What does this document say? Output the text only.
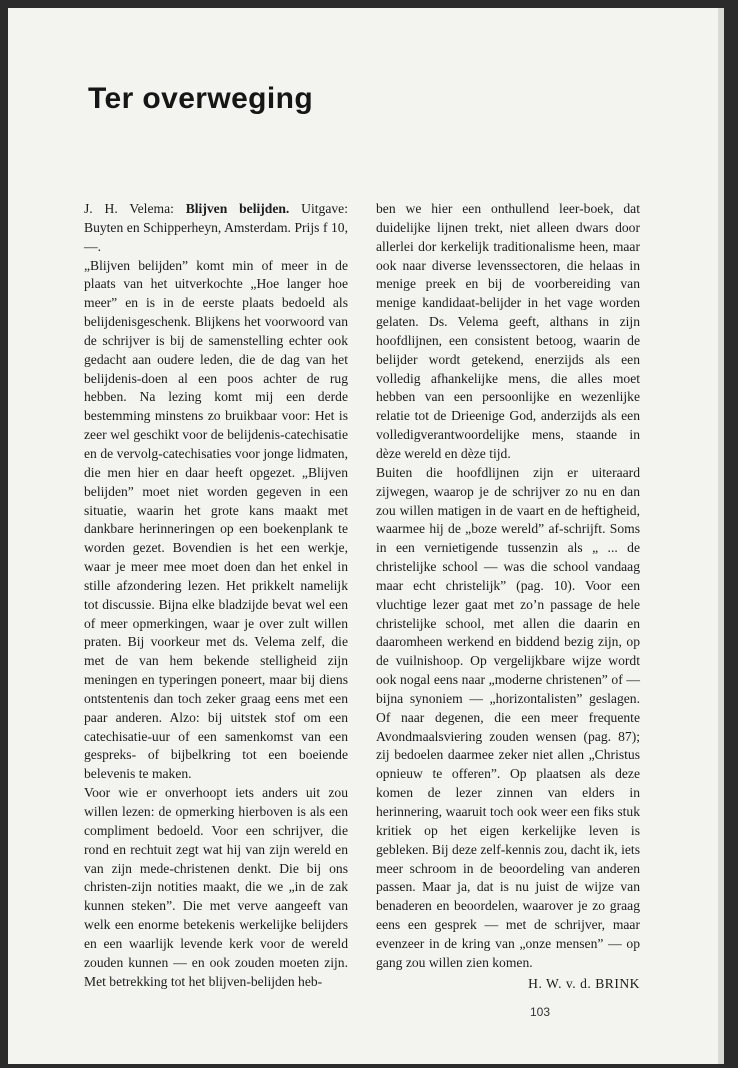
Ter overweging

J. H. Velema: Blijven belijden. Uitgave: Buyten en Schipperheyn, Amsterdam. Prijs f 10,—.

„Blijven belijden” komt min of meer in de plaats van het uitverkochte „Hoe langer hoe meer” en is in de eerste plaats bedoeld als belijdenisgeschenk. Blijkens het voorwoord van de schrijver is bij de samenstelling echter ook gedacht aan oudere leden, die de dag van het belijdenis-doen al een poos achter de rug hebben. Na lezing komt mij een derde bestemming minstens zo bruikbaar voor: Het is zeer wel geschikt voor de belijdenis-catechisatie en de vervolg-catechisaties voor jonge lidmaten, die men hier en daar heeft opgezet. „Blijven belijden” moet niet worden gegeven in een situatie, waarin het grote kans maakt met dankbare herinneringen op een boekenplank te worden gezet. Bovendien is het een werkje, waar je meer mee moet doen dan het enkel in stille afzondering lezen. Het prikkelt namelijk tot discussie. Bijna elke bladzijde bevat wel een of meer opmerkingen, waar je over zult willen praten. Bij voorkeur met ds. Velema zelf, die met de van hem bekende stelligheid zijn meningen en typeringen poneert, maar bij diens ontstentenis dan toch zeker graag eens met een paar anderen. Alzo: bij uitstek stof om een catechisatie-uur of een samenkomst van een gespreks- of bijbelkring tot een boeiende belevenis te maken.

Voor wie er onverhoopt iets anders uit zou willen lezen: de opmerking hierboven is als een compliment bedoeld. Voor een schrijver, die rond en rechtuit zegt wat hij van zijn wereld en van zijn mede-christenen denkt. Die bij ons christen-zijn notities maakt, die we „in de zak kunnen steken”. Die met verve aangeeft van welk een enorme betekenis werkelijke belijders en een waarlijk levende kerk voor de wereld zouden kunnen — en ook zouden moeten zijn. Met betrekking tot het blijven-belijden heb-

ben we hier een onthullend leer-boek, dat duidelijke lijnen trekt, niet alleen dwars door allerlei dor kerkelijk traditionalisme heen, maar ook naar diverse levenssectoren, die helaas in menige preek en bij de voorbereiding van menige kandidaat-belijder in het vage worden gelaten. Ds. Velema geeft, althans in zijn hoofdlijnen, een consistent betoog, waarin de belijder wordt getekend, enerzijds als een volledig afhankelijke mens, die alles moet hebben van een persoonlijke en wezenlijke relatie tot de Drieenige God, anderzijds als een volledigverantwoordelijke mens, staande in dèze wereld en dèze tijd.

Buiten die hoofdlijnen zijn er uiteraard zijwegen, waarop je de schrijver zo nu en dan zou willen matigen in de vaart en de heftigheid, waarmee hij de „boze wereld” af-schrijft. Soms in een vernietigende tussenzin als „ ... de christelijke school — was die school vandaag maar echt christelijk” (pag. 10). Voor een vluchtige lezer gaat met zo’n passage de hele christelijke school, met allen die daarin en daaromheen werkend en biddend bezig zijn, op de vuilnishoop. Op vergelijkbare wijze wordt ook nogal eens naar „moderne christenen” of — bijna synoniem — „horizontalisten” geslagen. Of naar degenen, die een meer frequente Avondmaalsviering zouden wensen (pag. 87); zij bedoelen daarmee zeker niet allen „Christus opnieuw te offeren”. Op plaatsen als deze komen de lezer zinnen van elders in herinnering, waaruit toch ook weer een fiks stuk kritiek op het eigen kerkelijke leven is gebleken. Bij deze zelf-kennis zou, dacht ik, iets meer schroom in de beoordeling van anderen passen. Maar ja, dat is nu juist de wijze van benaderen en beoordelen, waarover je zo graag eens een gesprek — met de schrijver, maar evenzeer in de kring van „onze mensen” — op gang zou willen zien komen.

H. W. v. d. BRINK

103
